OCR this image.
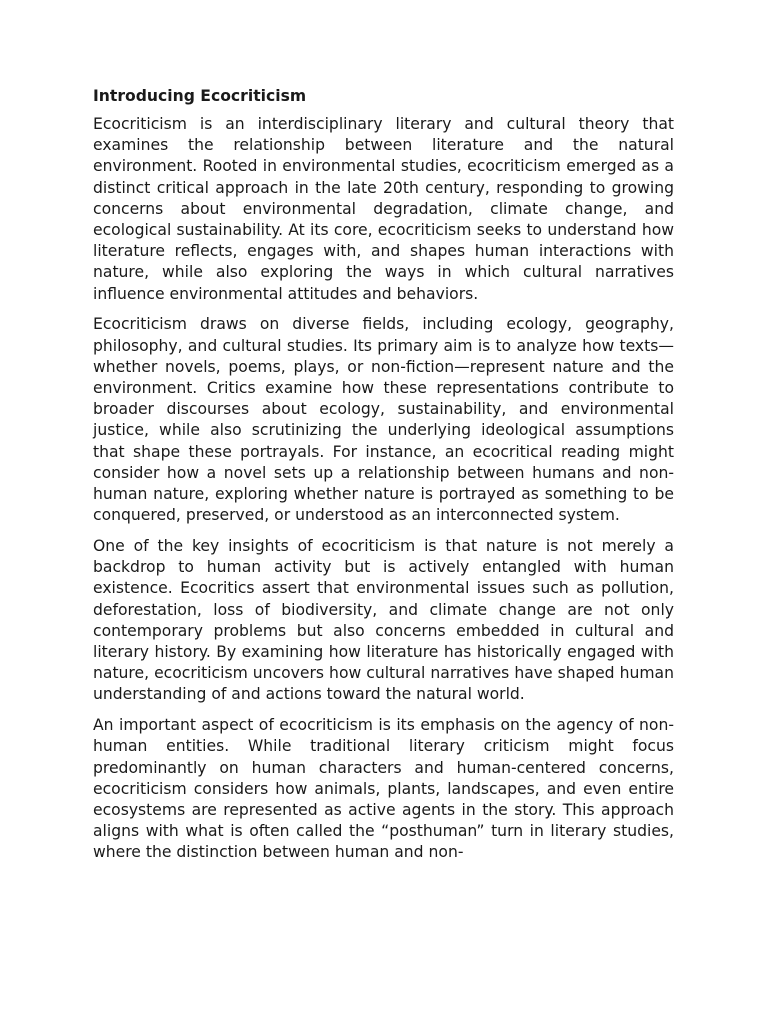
Introducing Ecocriticism

Ecocriticism is an interdisciplinary literary and cultural theory that examines the relationship between literature and the natural environment. Rooted in environmental studies, ecocriticism emerged as a distinct critical approach in the late 20th century, responding to growing concerns about environmental degradation, climate change, and ecological sustainability. At its core, ecocriticism seeks to understand how literature reflects, engages with, and shapes human interactions with nature, while also exploring the ways in which cultural narratives influence environmental attitudes and behaviors.

Ecocriticism draws on diverse fields, including ecology, geography, philosophy, and cultural studies. Its primary aim is to analyze how texts—whether novels, poems, plays, or non-fiction—represent nature and the environment. Critics examine how these representations contribute to broader discourses about ecology, sustainability, and environmental justice, while also scrutinizing the underlying ideological assumptions that shape these portrayals. For instance, an ecocritical reading might consider how a novel sets up a relationship between humans and non-human nature, exploring whether nature is portrayed as something to be conquered, preserved, or understood as an interconnected system.

One of the key insights of ecocriticism is that nature is not merely a backdrop to human activity but is actively entangled with human existence. Ecocritics assert that environmental issues such as pollution, deforestation, loss of biodiversity, and climate change are not only contemporary problems but also concerns embedded in cultural and literary history. By examining how literature has historically engaged with nature, ecocriticism uncovers how cultural narratives have shaped human understanding of and actions toward the natural world.

An important aspect of ecocriticism is its emphasis on the agency of non-human entities. While traditional literary criticism might focus predominantly on human characters and human-centered concerns, ecocriticism considers how animals, plants, landscapes, and even entire ecosystems are represented as active agents in the story. This approach aligns with what is often called the “posthuman” turn in literary studies, where the distinction between human and non-
